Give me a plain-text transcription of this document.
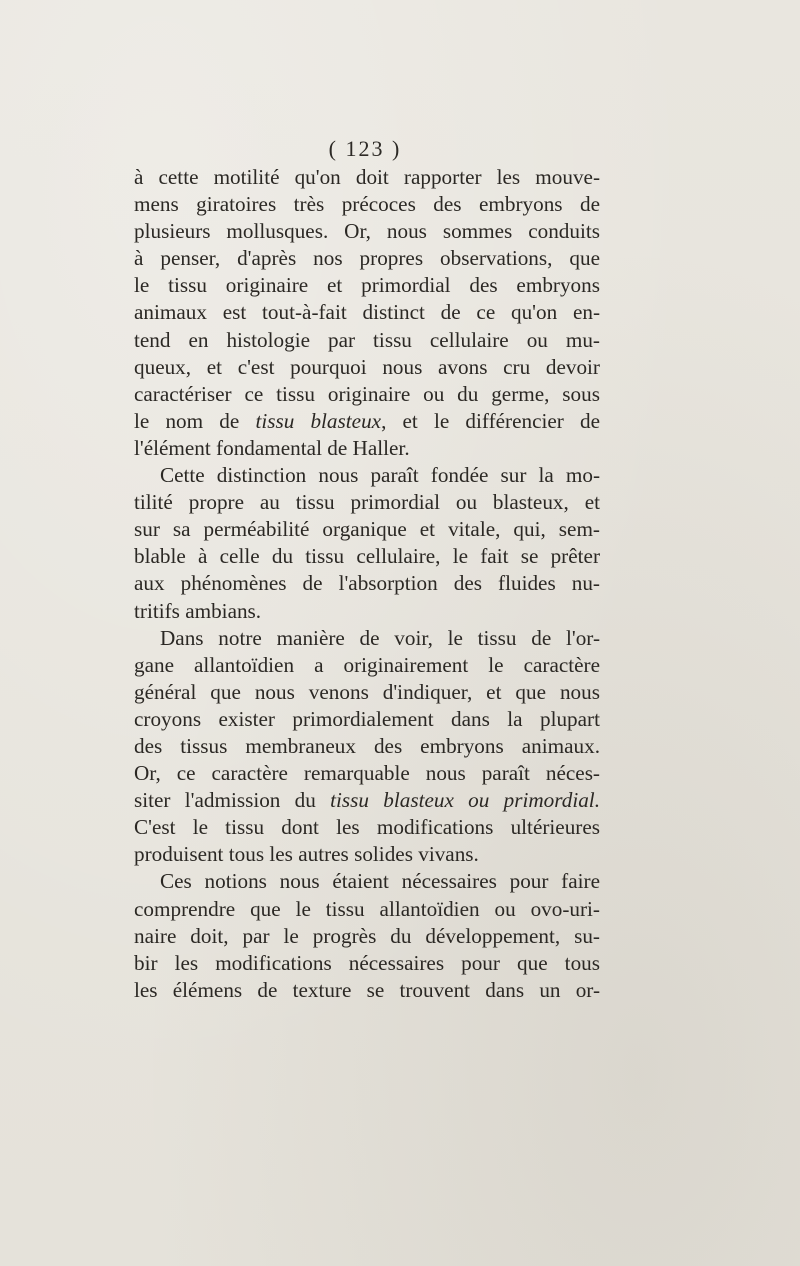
( 123 )
à cette motilité qu'on doit rapporter les mouve-
mens giratoires très précoces des embryons de
plusieurs mollusques. Or, nous sommes conduits
à penser, d'après nos propres observations, que
le tissu originaire et primordial des embryons
animaux est tout-à-fait distinct de ce qu'on en-
tend en histologie par tissu cellulaire ou mu-
queux, et c'est pourquoi nous avons cru devoir
caractériser ce tissu originaire ou du germe, sous
le nom de tissu blasteux, et le différencier de
l'élément fondamental de Haller.
Cette distinction nous paraît fondée sur la mo-
tilité propre au tissu primordial ou blasteux, et
sur sa perméabilité organique et vitale, qui, sem-
blable à celle du tissu cellulaire, le fait se prêter
aux phénomènes de l'absorption des fluides nu-
tritifs ambians.
Dans notre manière de voir, le tissu de l'or-
gane allantoïdien a originairement le caractère
général que nous venons d'indiquer, et que nous
croyons exister primordialement dans la plupart
des tissus membraneux des embryons animaux.
Or, ce caractère remarquable nous paraît néces-
siter l'admission du tissu blasteux ou primordial.
C'est le tissu dont les modifications ultérieures
produisent tous les autres solides vivans.
Ces notions nous étaient nécessaires pour faire
comprendre que le tissu allantoïdien ou ovo-uri-
naire doit, par le progrès du développement, su-
bir les modifications nécessaires pour que tous
les élémens de texture se trouvent dans un or-
